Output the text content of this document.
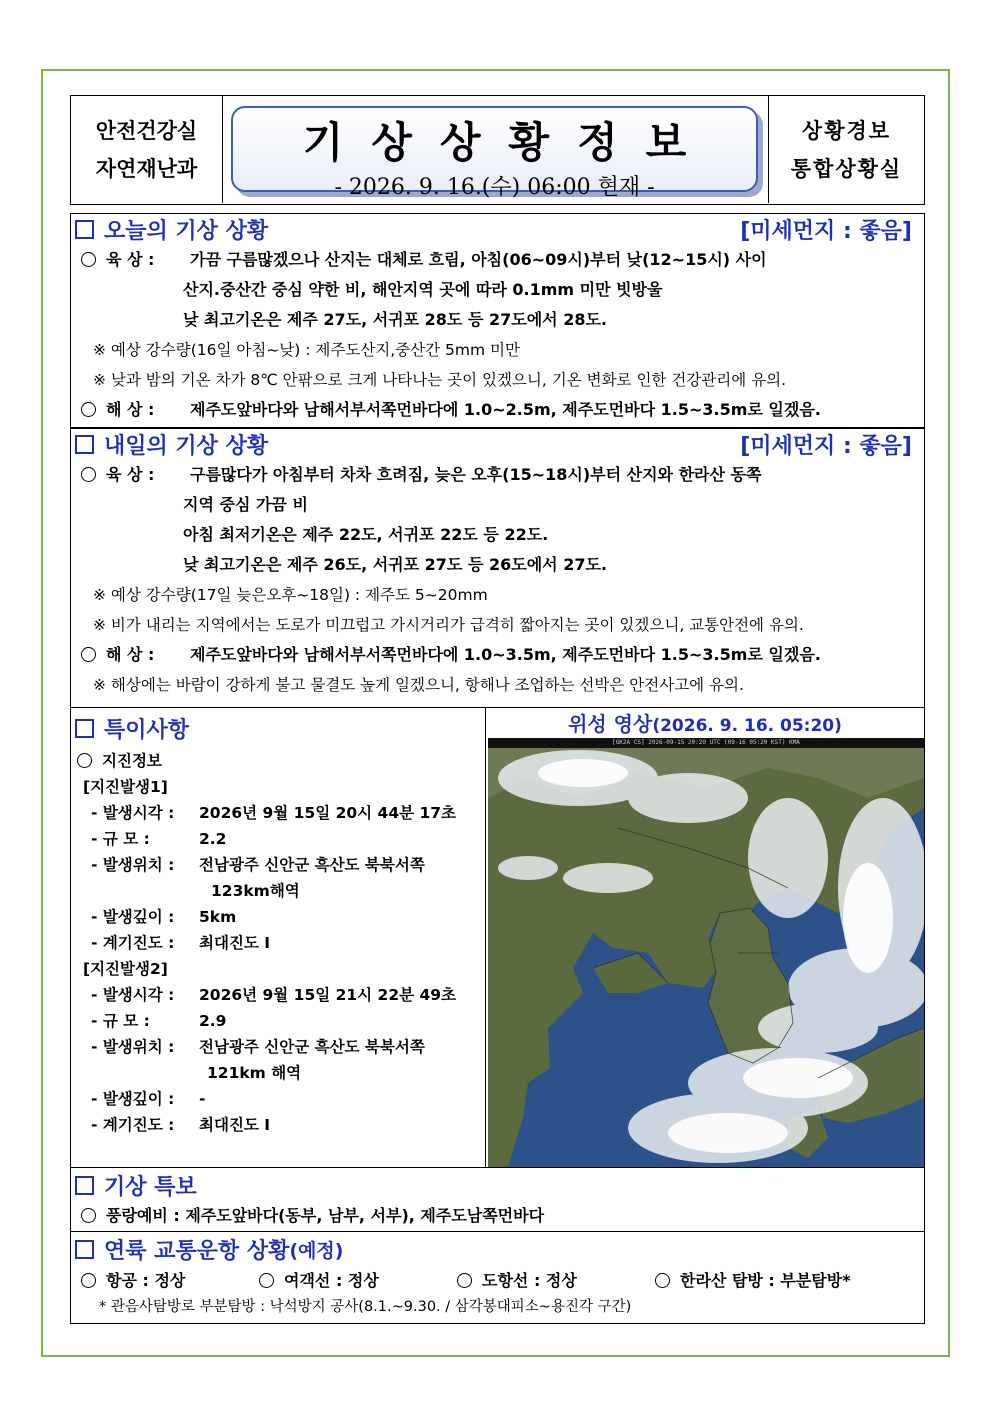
안전건강실
자연재난과
기상상황정보
- 2026. 9. 16.(수) 06:00 현재 -
상황경보
통합상황실
오늘의 기상 상황	[미세먼지 : 좋음]
육 상 : 가끔 구름많겠으나 산지는 대체로 흐림, 아침(06~09시)부터 낮(12~15시) 사이
산지.중산간 중심 약한 비, 해안지역 곳에 따라 0.1mm 미만 빗방울
낮 최고기온은 제주 27도, 서귀포 28도 등 27도에서 28도.
※ 예상 강수량(16일 아침~낮) : 제주도산지,중산간 5mm 미만
※ 낮과 밤의 기온 차가 8℃ 안팎으로 크게 나타나는 곳이 있겠으니, 기온 변화로 인한 건강관리에 유의.
해 상 : 제주도앞바다와 남해서부서쪽먼바다에 1.0~2.5m, 제주도먼바다 1.5~3.5m로 일겠음.
내일의 기상 상황	[미세먼지 : 좋음]
육 상 : 구름많다가 아침부터 차차 흐려짐, 늦은 오후(15~18시)부터 산지와 한라산 동쪽
지역 중심 가끔 비
아침 최저기온은 제주 22도, 서귀포 22도 등 22도.
낮 최고기온은 제주 26도, 서귀포 27도 등 26도에서 27도.
※ 예상 강수량(17일 늦은오후~18일) : 제주도 5~20mm
※ 비가 내리는 지역에서는 도로가 미끄럽고 가시거리가 급격히 짧아지는 곳이 있겠으니, 교통안전에 유의.
해 상 : 제주도앞바다와 남해서부서쪽먼바다에 1.0~3.5m, 제주도먼바다 1.5~3.5m로 일겠음.
※ 해상에는 바람이 강하게 불고 물결도 높게 일겠으니, 항해나 조업하는 선박은 안전사고에 유의.
특이사항
지진정보
[지진발생1]
- 발생시각 : 2026년 9월 15일 20시 44분 17초
- 규 모 :	2.2
- 발생위치 : 전남광주 신안군 흑산도 북북서쪽
123km해역
- 발생깊이 : 5km
- 계기진도 : 최대진도 Ⅰ
[지진발생2]
- 발생시각 : 2026년 9월 15일 21시 22분 49초
- 규 모 :	2.9
- 발생위치 : 전남광주 신안군 흑산도 북북서쪽
121km 해역
- 발생깊이 : -
- 계기진도 : 최대진도 Ⅰ
위성 영상(2026. 9. 16. 05:20)
[GK2A CS] 2026-09-15 20:20 UTC (09-16 05:20 KST) KMA
기상 특보
풍랑예비 : 제주도앞바다(동부, 남부, 서부), 제주도남쪽먼바다
연륙 교통운항 상황 (예정)
항공 : 정상	여객선 : 정상	도항선 : 정상	한라산 탐방 : 부분탐방*
* 관음사탐방로 부분탐방 : 낙석방지 공사(8.1.~9.30. / 삼각봉대피소~용진각 구간)
